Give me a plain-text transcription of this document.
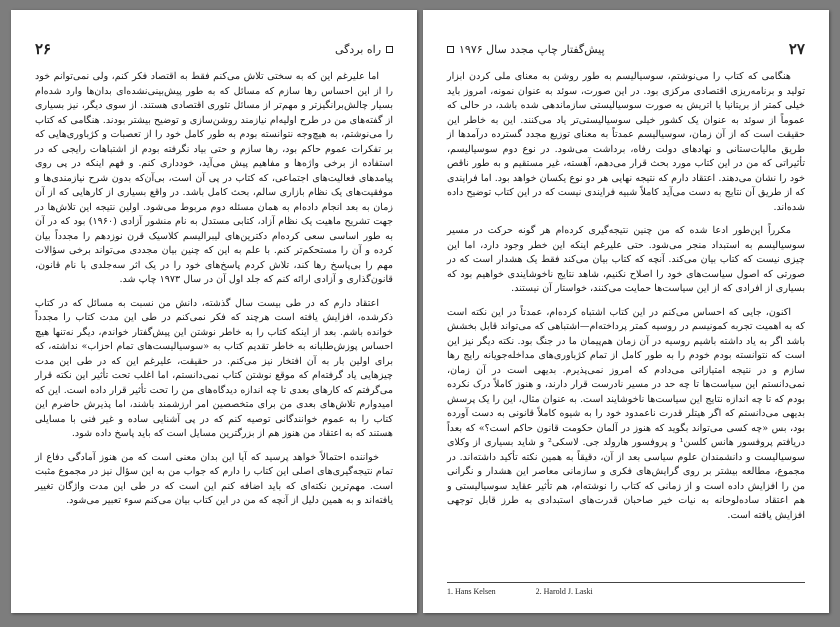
راه بردگی
۲۶

اما علیرغم این که به سختی تلاش می‌کنم فقط به اقتصاد فکر کنم، ولی نمی‌توانم خود را از این احساس رها سازم که مسائل که به طور پیش‌بینی‌نشده‌ای بدان‌ها وارد شده‌ام بسیار چالش‌برانگیزتر و مهم‌تر از مسائل تئوری اقتصادی هستند. از سوی دیگر، نیز بسیاری از گفته‌های من در طرح اولیه‌ام نیازمند روشن‌سازی و توضیح بیشتر بودند. هنگامی که کتاب را می‌نوشتم، به هیچ‌وجه نتوانسته بودم به طور کامل خود را از تعصبات و کژباوری‌هایی که بر تفکرات عموم حاکم بود، رها سازم و حتی بیاد نگرفته بودم از اشتباهات رایجی که در استفاده از برخی واژه‌ها و مفاهیم پیش می‌آید، خودداری کنم. و فهم اینکه در پی روی پیامدهای فعالیت‌های اجتماعی، که کتاب در پی آن است، بی‌آن‌که بدون شرح نیازمندی‌ها و موفقیت‌های یک نظام بازاری سالم، بحث کامل باشد. در واقع بسیاری از کارهایی که از آن زمان به بعد انجام داده‌ام به همان مسئله دوم مربوط می‌شود. اولین نتیجه این تلاش‌ها در جهت تشریح ماهیت یک نظام آزاد، کتابی مستدل به نام منشور آزادی (۱۹۶۰) بود که در آن به طور اساسی سعی کرده‌ام دکترین‌های لیبرالیسم کلاسیک قرن نوزدهم را مجدداً بیان کرده و آن را مستحکم‌تر کنم. با علم به این که چنین بیان مجددی می‌تواند برخی سؤالات مهم را بی‌پاسخ رها کند، تلاش کردم پاسخ‌های خود را در یک اثر سه‌جلدی با نام قانون، قانون‌گذاری و آزادی ارائه کنم که جلد اول آن در سال ۱۹۷۳ چاپ شد.

اعتقاد دارم که در طی بیست سال گذشته، دانش من نسبت به مسائل که در کتاب ذکرشده، افزایش یافته است هرچند که فکر نمی‌کنم در طی این مدت کتاب را مجدداً خوانده باشم. بعد از اینکه کتاب را به خاطر نوشتن این پیش‌گفتار خواندم، دیگر نه‌تنها هیچ احساس پوزش‌طلبانه به خاطر تقدیم کتاب به «سوسیالیست‌های تمام احزاب» نداشته، که برای اولین بار به آن افتخار نیز می‌کنم. در حقیقت، علیرغم این که در طی این مدت چیزهایی یاد گرفته‌ام که موقع نوشتن کتاب نمی‌دانستم، اما اغلب تحت تأثیر این نکته قرار می‌گرفتم که کارهای بعدی تا چه اندازه دیدگاه‌های من را تحت تأثیر قرار داده است. این که امیدوارم تلاش‌های بعدی من برای متخصصین امر ارزشمند باشند، اما پذیرش حاضرم این کتاب را به عموم خوانندگانی توصیه کنم که در پی آشنایی ساده و غیر فنی با مسایلی هستند که به اعتقاد من هنوز هم از بزرگترین مسایل است که باید پاسخ داده شود.

خواننده احتمالاً خواهد پرسید که آیا این بدان معنی است که من هنوز آمادگی دفاع از تمام نتیجه‌گیری‌های اصلی این کتاب را دارم که جواب من به این سؤال نیز در مجموع مثبت است. مهم‌ترین نکته‌ای که باید اضافه کنم این است که در طی این مدت واژگان تغییر یافته‌اند و به همین دلیل از آنچه که من در این کتاب بیان می‌کنم سوء تعبیر می‌شود.

۲۷
پیش‌گفتار چاپ مجدد سال ۱۹۷۶

هنگامی که کتاب را می‌نوشتم، سوسیالیسم به طور روشن به معنای ملی کردن ابزار تولید و برنامه‌ریزی اقتصادی مرکزی بود. در این صورت، سوئد به عنوان نمونه، امروز باید خیلی کمتر از بریتانیا یا اتریش به صورت سوسیالیستی سازماندهی شده باشد، در حالی که عموماً از سوئد به عنوان یک کشور خیلی سوسیالیستی‌تر یاد می‌کنند. این به خاطر این حقیقت است که از آن زمان، سوسیالیسم عمدتاً به معنای توزیع مجدد گسترده درآمدها از طریق مالیات‌ستانی و نهادهای دولت رفاه، برداشت می‌شود. در نوع دوم سوسیالیسم، تأثیراتی که من در این کتاب مورد بحث قرار می‌دهم، آهسته، غیر مستقیم و به طور ناقص خود را نشان می‌دهند. اعتقاد دارم که نتیجه نهایی هر دو نوع یکسان خواهد بود. اما فرایندی که از طریق آن نتایج به دست می‌آید کاملاً شبیه فرایندی نیست که در این کتاب توضیح داده شده‌اند.

مکرراً این‌طور ادعا شده که من چنین نتیجه‌گیری کرده‌ام هر گونه حرکت در مسیر سوسیالیسم به استبداد منجر می‌شود. حتی علیرغم اینکه این خطر وجود دارد، اما این چیزی نیست که کتاب بیان می‌کند. آنچه که کتاب بیان می‌کند فقط یک هشدار است که در صورتی که اصول سیاست‌های خود را اصلاح نکنیم، شاهد نتایج ناخوشایندی خواهیم بود که بسیاری از افرادی که از این سیاست‌ها حمایت می‌کنند، خواستار آن نیستند.

اکنون، جایی که احساس می‌کنم در این کتاب اشتباه کرده‌ام، عمدتاً در این نکته است که به اهمیت تجربه کمونیسم در روسیه کمتر پرداخته‌ام—اشتباهی که می‌تواند قابل بخشش باشد اگر به یاد داشته باشیم روسیه در آن زمان هم‌پیمان ما در جنگ بود. نکته دیگر نیز این است که نتوانسته بودم خودم را به طور کامل از تمام کژباوری‌های مداخله‌جویانه رایج رها سازم و در نتیجه امتیازاتی می‌دادم که امروز نمی‌پذیرم. بدیهی است در آن زمان، نمی‌دانستم این سیاست‌ها تا چه حد در مسیر نادرست قرار دارند، و هنوز کاملاً درک نکرده بودم که تا چه اندازه نتایج این سیاست‌ها ناخوشایند است. به عنوان مثال، این را یک پرسش بدیهی می‌دانستم که اگر هیتلر قدرت ناعمدود خود را به شیوه کاملاً قانونی به دست آورده بود، بس «چه کسی می‌تواند بگوید که هنوز در آلمان حکومت قانون حاکم است؟» که بعداً دریافتم پروفسور هانس کلسن¹ و پروفسور هارولد جی. لاسکی² و شاید بسیاری از وکلای سوسیالیست و دانشمندان علوم سیاسی بعد از آن، دقیقاً به همین نکته تأکید داشته‌اند. در مجموع، مطالعه بیشتر بر روی گرایش‌های فکری و سازمانی معاصر این هشدار و نگرانی من را افزایش داده است و از زمانی که کتاب را نوشته‌ام، هم تأثیر عقاید سوسیالیستی و هم اعتقاد ساده‌لوحانه به نیات خیر صاحبان قدرت‌های استبدادی به طرز قابل توجهی افزایش یافته است.

1. Hans Kelsen	2. Harold J. Laski
